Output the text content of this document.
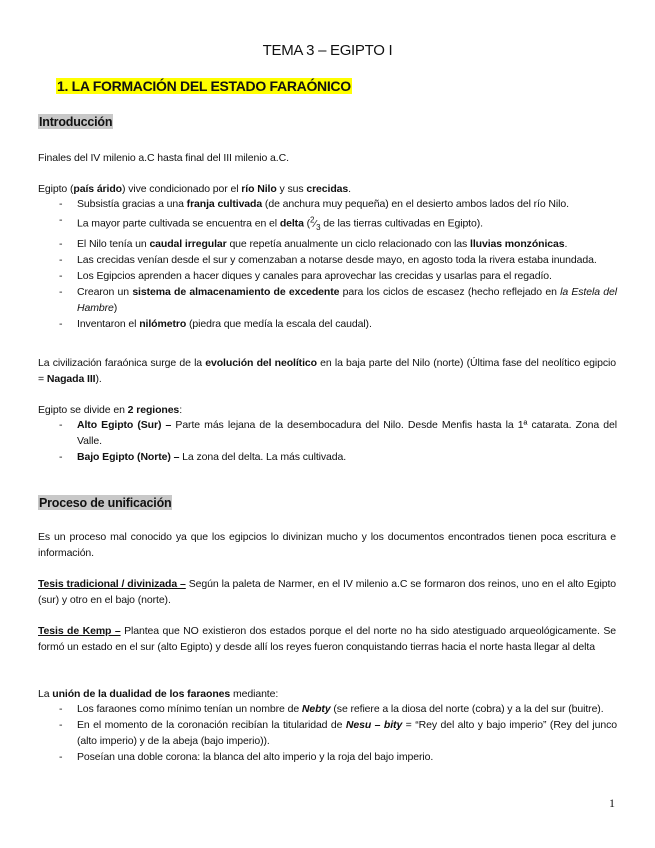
TEMA 3 – EGIPTO I
1. LA FORMACIÓN DEL ESTADO FARAÓNICO
Introducción
Finales del IV milenio a.C hasta final del III milenio a.C.
Egipto (país árido) vive condicionado por el río Nilo y sus crecidas.
- Subsistía gracias a una franja cultivada (de anchura muy pequeña) en el desierto ambos lados del río Nilo.
- La mayor parte cultivada se encuentra en el delta ($^2⁄_3$ de las tierras cultivadas en Egipto).
- El Nilo tenía un caudal irregular que repetía anualmente un ciclo relacionado con las lluvias monzónicas.
- Las crecidas venían desde el sur y comenzaban a notarse desde mayo, en agosto toda la rivera estaba inundada.
- Los Egipcios aprenden a hacer diques y canales para aprovechar las crecidas y usarlas para el regadío.
- Crearon un sistema de almacenamiento de excedente para los ciclos de escasez (hecho reflejado en la Estela del Hambre)
- Inventaron el nilómetro (piedra que medía la escala del caudal).
La civilización faraónica surge de la evolución del neolítico en la baja parte del Nilo (norte) (Última fase del neolítico egipcio = Nagada III).
Egipto se divide en 2 regiones:
- Alto Egipto (Sur) – Parte más lejana de la desembocadura del Nilo. Desde Menfis hasta la 1ª catarata. Zona del Valle.
- Bajo Egipto (Norte) – La zona del delta. La más cultivada.
Proceso de unificación
Es un proceso mal conocido ya que los egipcios lo divinizan mucho y los documentos encontrados tienen poca escritura e información.
Tesis tradicional / divinizada – Según la paleta de Narmer, en el IV milenio a.C se formaron dos reinos, uno en el alto Egipto (sur) y otro en el bajo (norte).
Tesis de Kemp – Plantea que NO existieron dos estados porque el del norte no ha sido atestiguado arqueológicamente. Se formó un estado en el sur (alto Egipto) y desde allí los reyes fueron conquistando tierras hacia el norte hasta llegar al delta
La unión de la dualidad de los faraones mediante:
- Los faraones como mínimo tenían un nombre de Nebty (se refiere a la diosa del norte (cobra) y a la del sur (buitre).
- En el momento de la coronación recibían la titularidad de Nesu – bity = “Rey del alto y bajo imperio” (Rey del junco (alto imperio) y de la abeja (bajo imperio)).
- Poseían una doble corona: la blanca del alto imperio y la roja del bajo imperio.
1
